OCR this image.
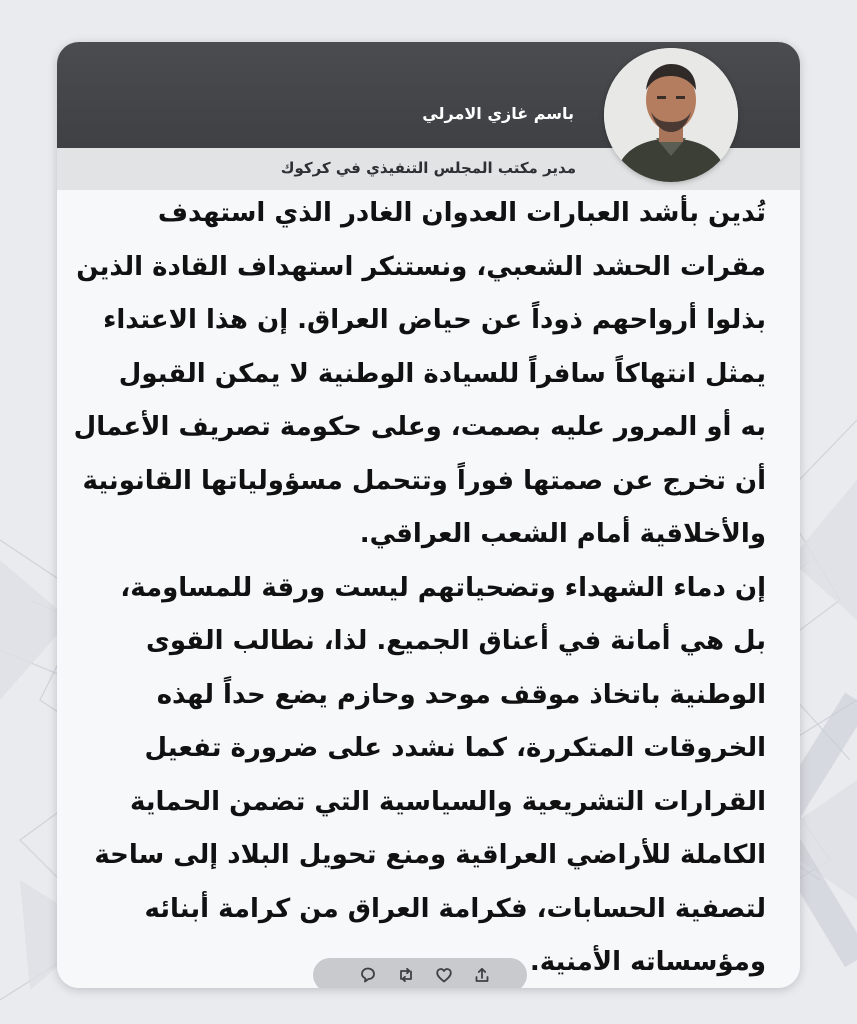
باسم غازي الامرلي
مدير مكتب المجلس التنفيذي في كركوك

تُدين بأشد العبارات العدوان الغادر الذي استهدف

مقرات الحشد الشعبي، ونستنكر استهداف القادة الذين

بذلوا أرواحهم ذوداً عن حياض العراق. إن هذا الاعتداء

يمثل انتهاكاً سافراً للسيادة الوطنية لا يمكن القبول

به أو المرور عليه بصمت، وعلى حكومة تصريف الأعمال

أن تخرج عن صمتها فوراً وتتحمل مسؤولياتها القانونية

والأخلاقية أمام الشعب العراقي.

إن دماء الشهداء وتضحياتهم ليست ورقة للمساومة،

بل هي أمانة في أعناق الجميع. لذا، نطالب القوى

الوطنية باتخاذ موقف موحد وحازم يضع حداً لهذه

الخروقات المتكررة، كما نشدد على ضرورة تفعيل

القرارات التشريعية والسياسية التي تضمن الحماية

الكاملة للأراضي العراقية ومنع تحويل البلاد إلى ساحة

لتصفية الحسابات، فكرامة العراق من كرامة أبنائه

ومؤسساته الأمنية.
